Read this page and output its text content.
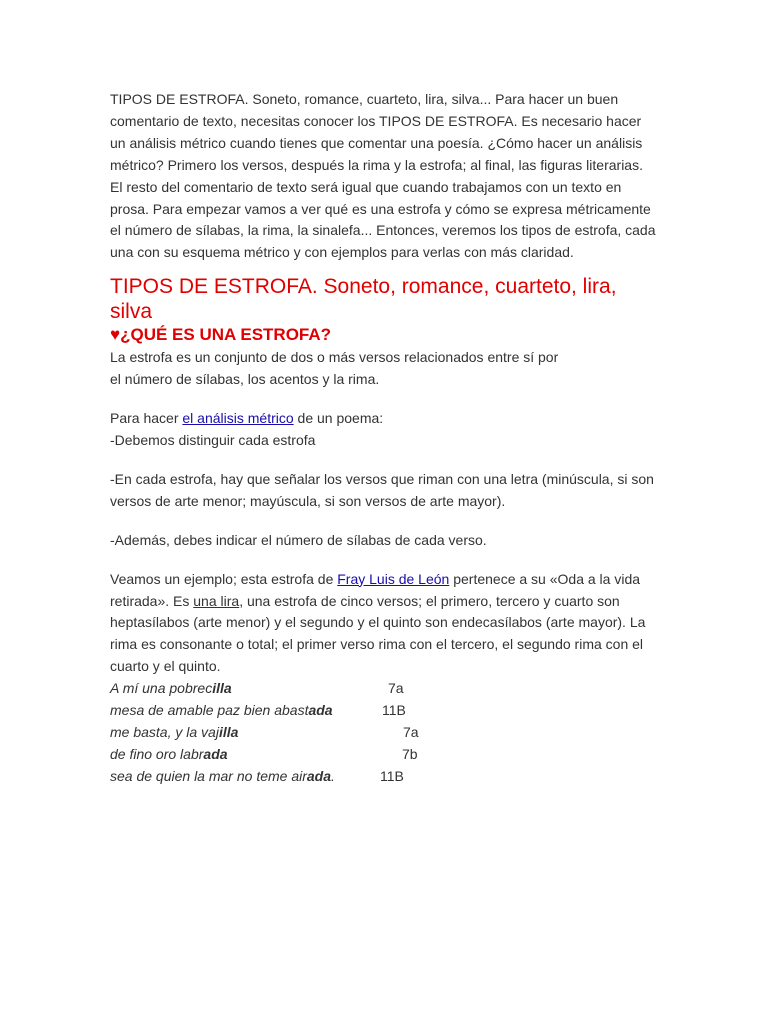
TIPOS DE ESTROFA. Soneto, romance, cuarteto, lira, silva... Para hacer un buen comentario de texto, necesitas conocer los TIPOS DE ESTROFA. Es necesario hacer un análisis métrico cuando tienes que comentar una poesía. ¿Cómo hacer un análisis métrico? Primero los versos, después la rima y la estrofa; al final, las figuras literarias. El resto del comentario de texto será igual que cuando trabajamos con un texto en prosa. Para empezar vamos a ver qué es una estrofa y cómo se expresa métricamente el número de sílabas, la rima, la sinalefa... Entonces, veremos los tipos de estrofa, cada una con su esquema métrico y con ejemplos para verlas con más claridad.

TIPOS DE ESTROFA. Soneto, romance, cuarteto, lira, silva
♥¿QUÉ ES UNA ESTROFA?

La estrofa es un conjunto de dos o más versos relacionados entre sí por
el número de sílabas, los acentos y la rima.

Para hacer el análisis métrico de un poema:
-Debemos distinguir cada estrofa

-En cada estrofa, hay que señalar los versos que riman con una letra (minúscula, si son versos de arte menor; mayúscula, si son versos de arte mayor).

-Además, debes indicar el número de sílabas de cada verso.

Veamos un ejemplo; esta estrofa de Fray Luis de León pertenece a su «Oda a la vida retirada». Es una lira, una estrofa de cinco versos; el primero, tercero y cuarto son heptasílabos (arte menor) y el segundo y el quinto son endecasílabos (arte mayor). La rima es consonante o total; el primer verso rima con el tercero, el segundo rima con el cuarto y el quinto.

A mí una pobrecilla	7a
mesa de amable paz bien abastada	11B
me basta, y la vajilla	7a
de fino oro labrada	7b
sea de quien la mar no teme airada.	11B
